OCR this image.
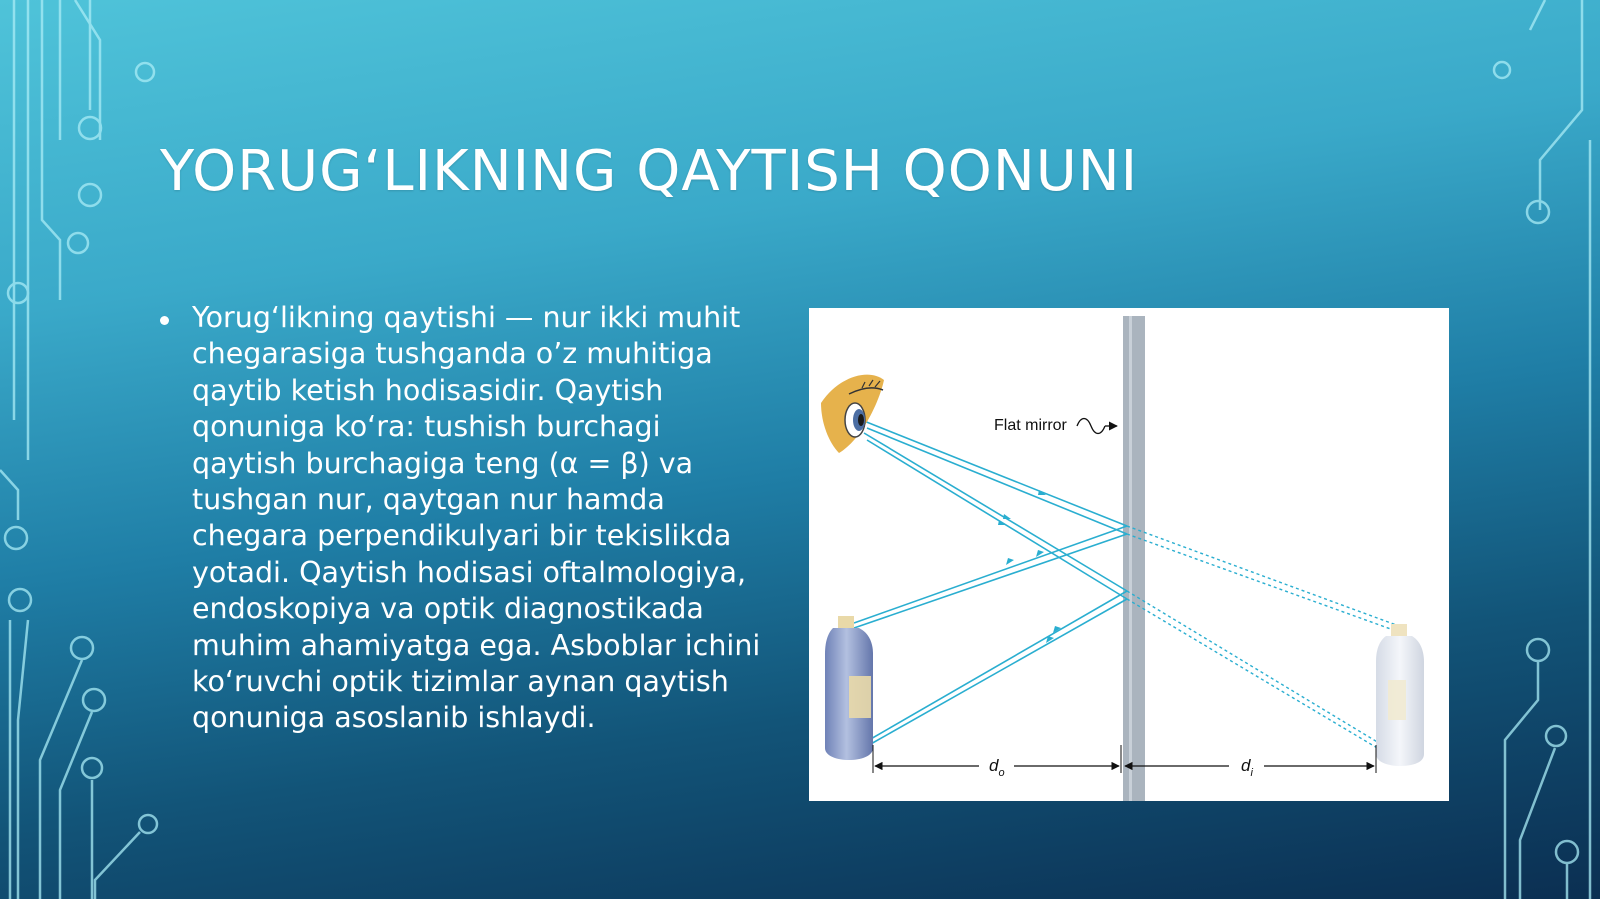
YORUG‘LIKNING QAYTISH QONUNI
Yorug‘likning qaytishi — nur ikki muhit chegarasiga tushganda o’z muhitiga qaytib ketish hodisasidir. Qaytish qonuniga ko‘ra: tushish burchagi qaytish burchagiga teng (α = β) va tushgan nur, qaytgan nur hamda chegara perpendikulyari bir tekislikda yotadi. Qaytish hodisasi oftalmologiya, endoskopiya va optik diagnostikada muhim ahamiyatga ega. Asboblar ichini ko‘ruvchi optik tizimlar aynan qaytish qonuniga asoslanib ishlaydi.
Flat mirror
$d_o$	$d_i$
